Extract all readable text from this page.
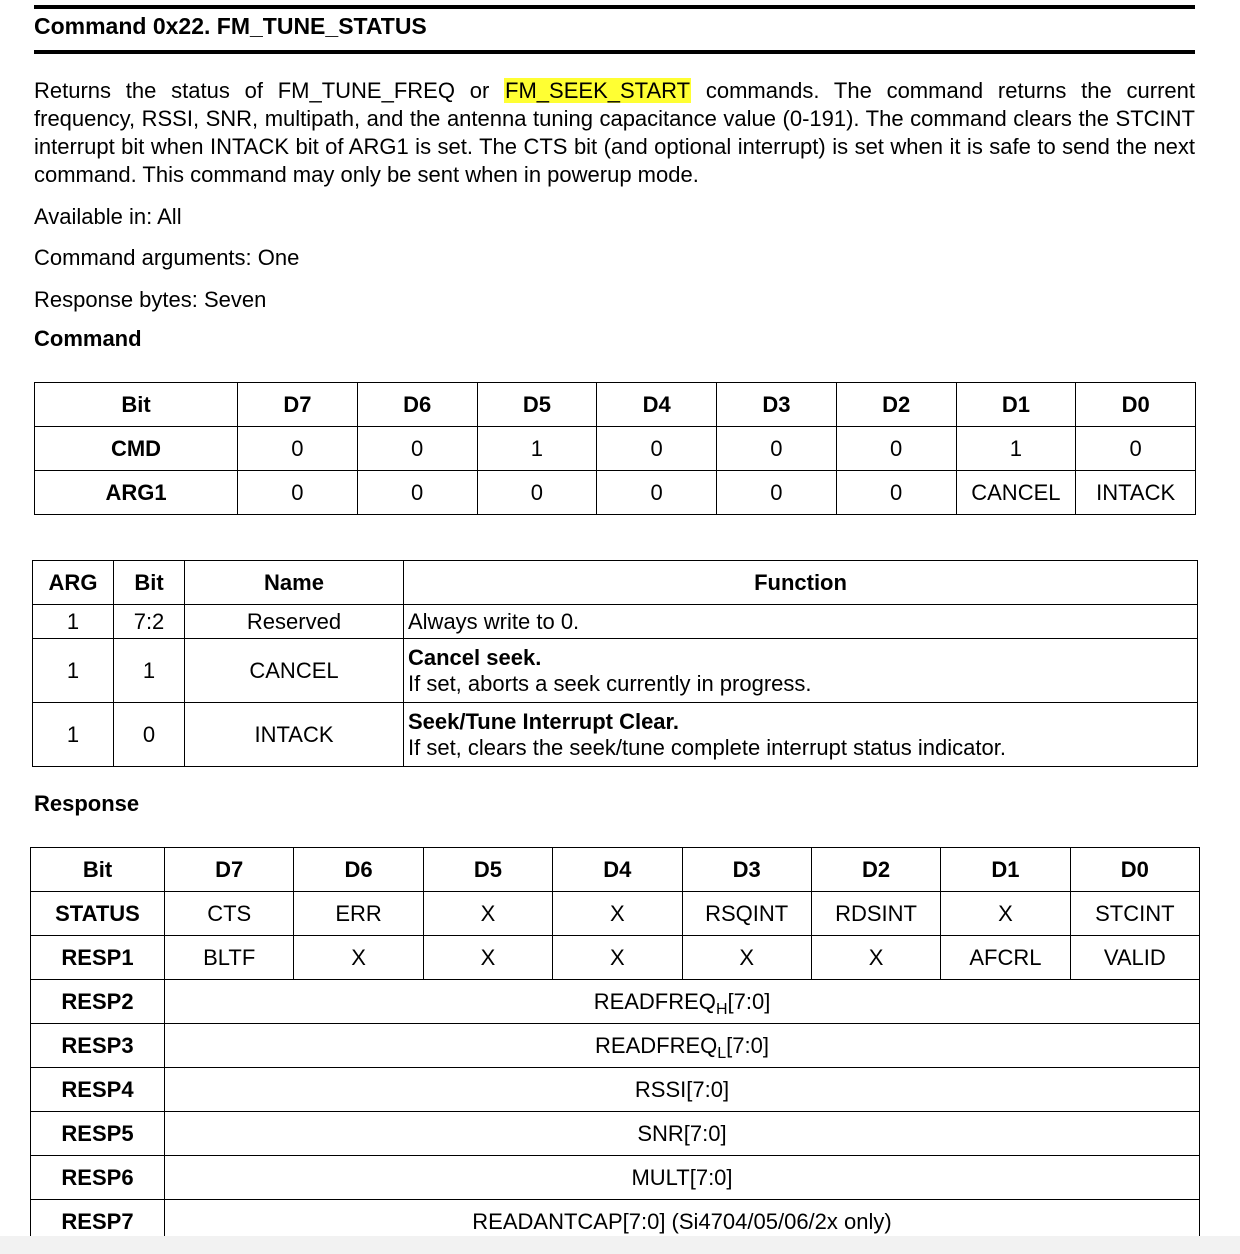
Command 0x22. FM_TUNE_STATUS
Returns the status of FM_TUNE_FREQ or FM_SEEK_START commands. The command returns the current frequency, RSSI, SNR, multipath, and the antenna tuning capacitance value (0-191). The command clears the STCINT interrupt bit when INTACK bit of ARG1 is set. The CTS bit (and optional interrupt) is set when it is safe to send the next command. This command may only be sent when in powerup mode.
Available in: All
Command arguments: One
Response bytes: Seven
Command
Bit	D7	D6	D5	D4	D3	D2	D1	D0
CMD	0	0	1	0	0	0	1	0
ARG1	0	0	0	0	0	0	CANCEL	INTACK
ARG	Bit	Name	Function
1	7:2	Reserved	Always write to 0.
1	1	CANCEL	Cancel seek.
If set, aborts a seek currently in progress.
1	0	INTACK	Seek/Tune Interrupt Clear.
If set, clears the seek/tune complete interrupt status indicator.
Response
Bit	D7	D6	D5	D4	D3	D2	D1	D0
STATUS	CTS	ERR	X	X	RSQINT	RDSINT	X	STCINT
RESP1	BLTF	X	X	X	X	X	AFCRL	VALID
RESP2	$READFREQ_H[7:0]$							
RESP3	$READFREQ_L[7:0]$							
RESP4	RSSI[7:0]							
RESP5	SNR[7:0]							
RESP6	MULT[7:0]							
RESP7	READANTCAP[7:0] (Si4704/05/06/2x only)							
